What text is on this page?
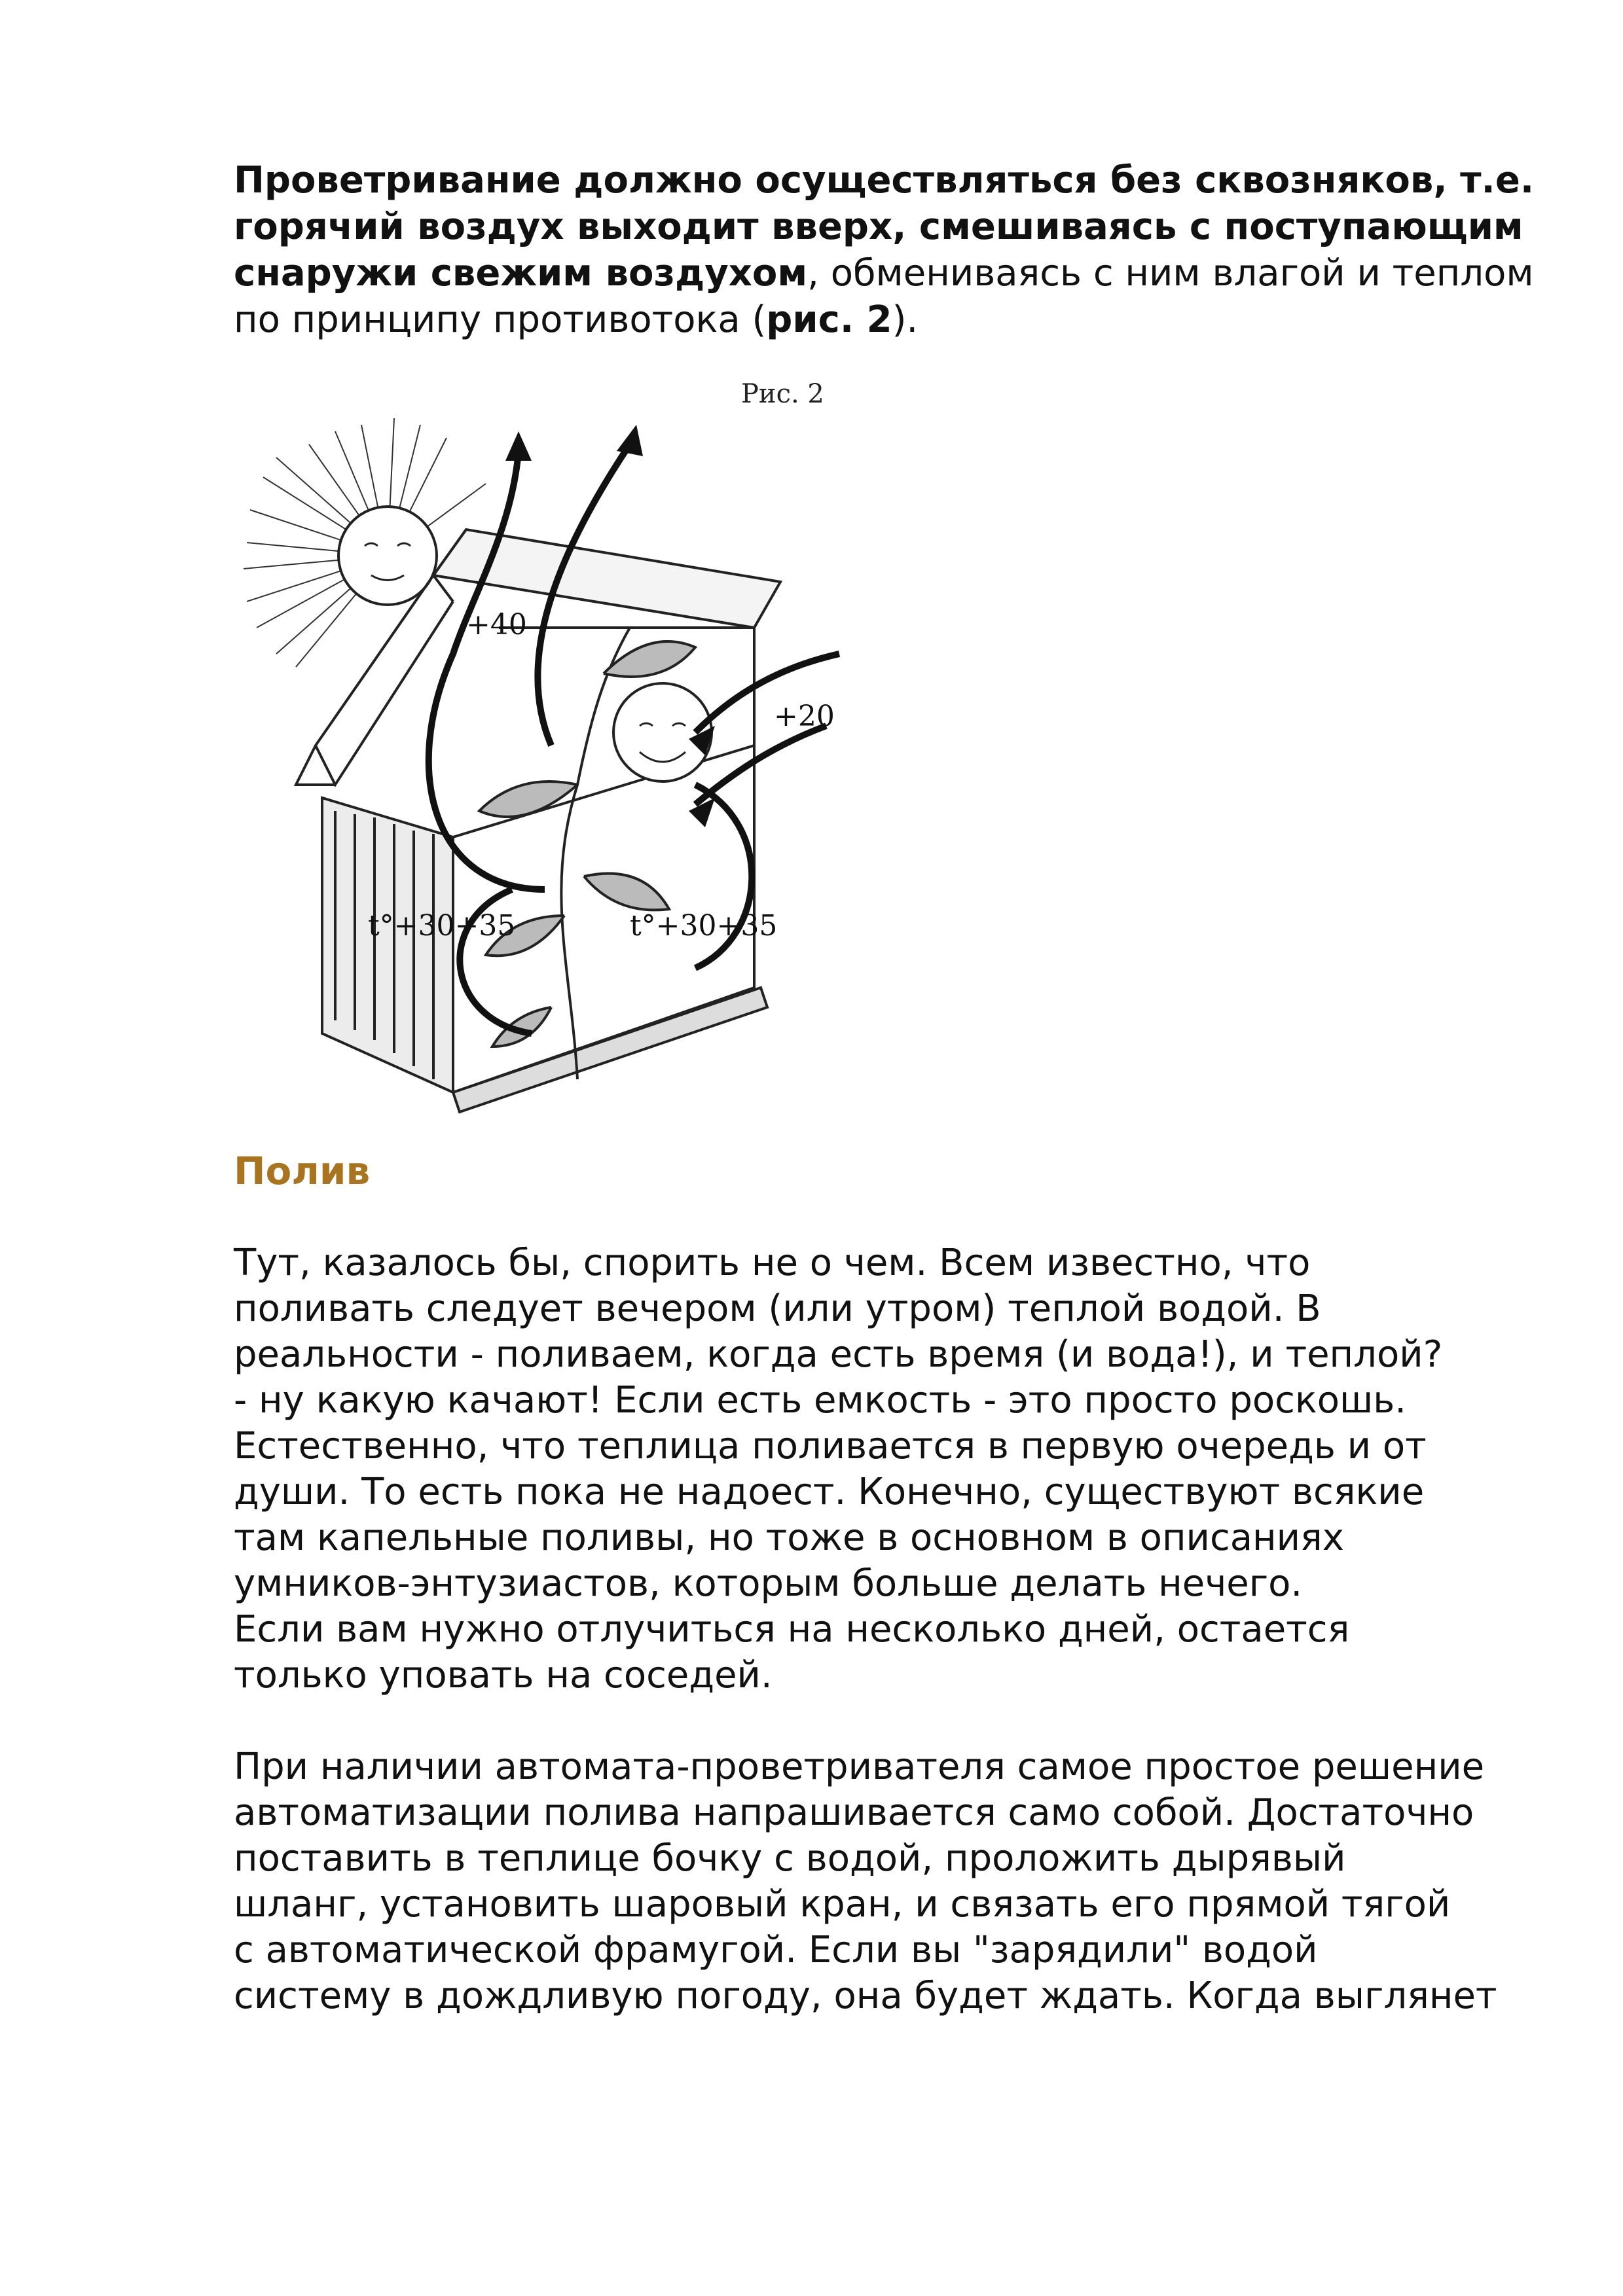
Проветривание должно осуществляться без сквозняков, т.е. горячий воздух выходит вверх, смешиваясь с поступающим снаружи свежим воздухом, обмениваясь с ним влагой и теплом по принципу противотока (рис. 2).

+40
+20
t°+30+35	t°+30+35
Рис. 2
Полив

Тут, казалось бы, спорить не о чем. Всем известно, что
поливать следует вечером (или утром) теплой водой. В
реальности - поливаем, когда есть время (и вода!), и теплой?
- ну какую качают! Если есть емкость - это просто роскошь.
Естественно, что теплица поливается в первую очередь и от
души. То есть пока не надоест. Конечно, существуют всякие
там капельные поливы, но тоже в основном в описаниях
умников-энтузиастов, которым больше делать нечего.
Если вам нужно отлучиться на несколько дней, остается
только уповать на соседей.

При наличии автомата-проветривателя самое простое решение
автоматизации полива напрашивается само собой. Достаточно
поставить в теплице бочку с водой, проложить дырявый
шланг, установить шаровый кран, и связать его прямой тягой
с автоматической фрамугой. Если вы "зарядили" водой
систему в дождливую погоду, она будет ждать. Когда выглянет
